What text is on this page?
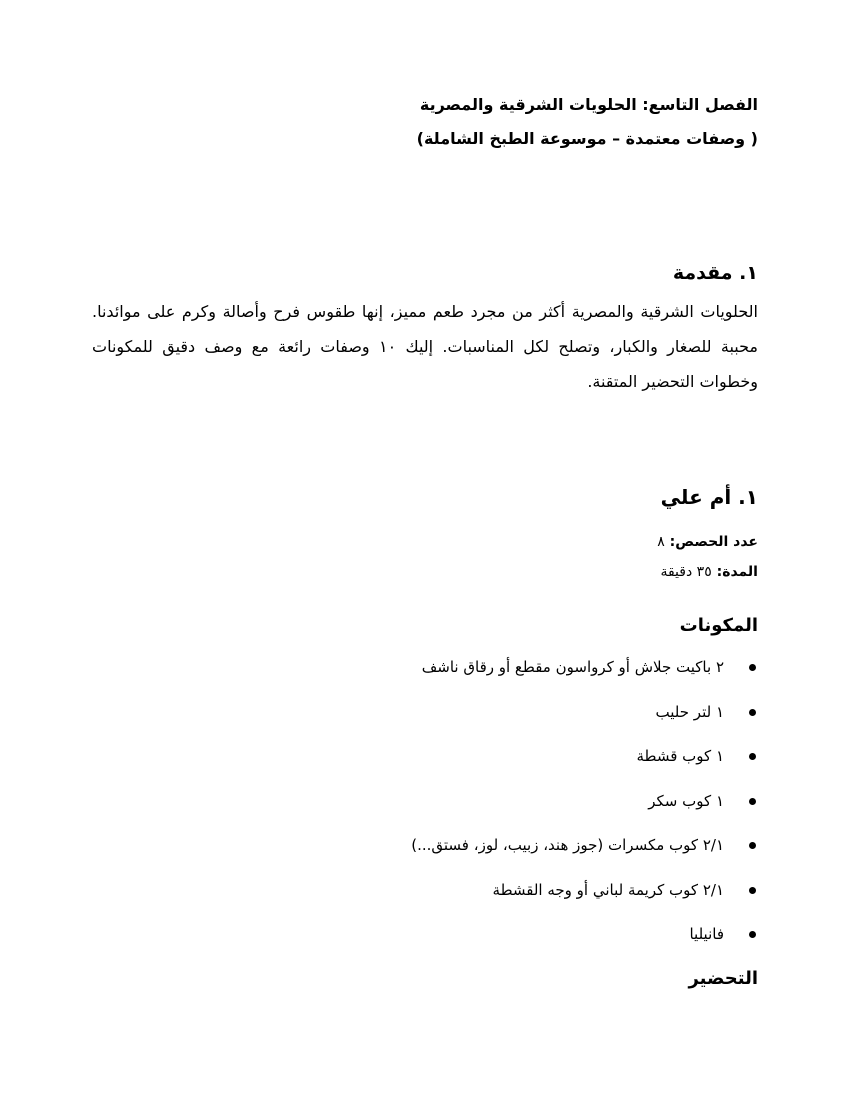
الفصل التاسع: الحلويات الشرقية والمصرية
( وصفات معتمدة – موسوعة الطبخ الشاملة)
١. مقدمة

الحلويات الشرقية والمصرية أكثر من مجرد طعم مميز، إنها طقوس فرح وأصالة وكرم على موائدنا. محببة للصغار والكبار، وتصلح لكل المناسبات. إليك ١٠ وصفات رائعة مع وصف دقيق للمكونات وخطوات التحضير المتقنة.

١. أم علي
عدد الحصص: ٨
المدة: ٣٥ دقيقة
المكونات
٢ باكيت جلاش أو كرواسون مقطع أو رقاق ناشف
١ لتر حليب
١ كوب قشطة
١ كوب سكر
٢/١ كوب مكسرات (جوز هند، زبيب، لوز، فستق...)
٢/١ كوب كريمة لباني أو وجه القشطة
فانيليا
التحضير
